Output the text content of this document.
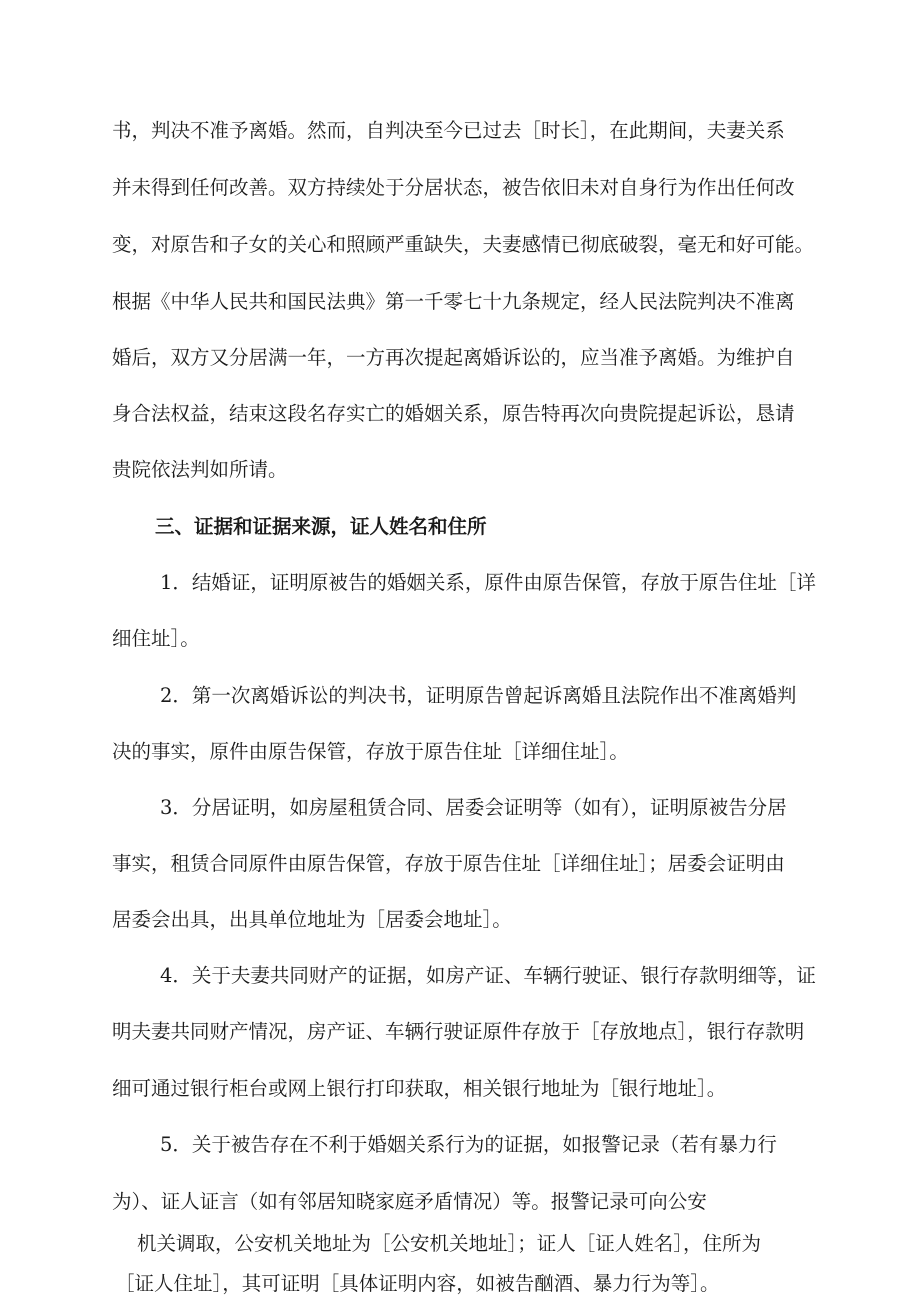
书，判决不准予离婚。然而，自判决至今已过去［时长］，在此期间，夫妻关系
并未得到任何改善。双方持续处于分居状态，被告依旧未对自身行为作出任何改
变，对原告和子女的关心和照顾严重缺失，夫妻感情已彻底破裂，毫无和好可能。
根据《中华人民共和国民法典》第一千零七十九条规定，经人民法院判决不准离
婚后，双方又分居满一年，一方再次提起离婚诉讼的，应当准予离婚。为维护自
身合法权益，结束这段名存实亡的婚姻关系，原告特再次向贵院提起诉讼，恳请
贵院依法判如所请。
三、证据和证据来源，证人姓名和住所
1．结婚证，证明原被告的婚姻关系，原件由原告保管，存放于原告住址［详
细住址］。
2．第一次离婚诉讼的判决书，证明原告曾起诉离婚且法院作出不准离婚判
决的事实，原件由原告保管，存放于原告住址［详细住址］。
3．分居证明，如房屋租赁合同、居委会证明等（如有），证明原被告分居
事实，租赁合同原件由原告保管，存放于原告住址［详细住址］；居委会证明由
居委会出具，出具单位地址为［居委会地址］。
4．关于夫妻共同财产的证据，如房产证、车辆行驶证、银行存款明细等，证
明夫妻共同财产情况，房产证、车辆行驶证原件存放于［存放地点］，银行存款明
细可通过银行柜台或网上银行打印获取，相关银行地址为［银行地址］。
5．关于被告存在不利于婚姻关系行为的证据，如报警记录（若有暴力行
为）、证人证言（如有邻居知晓家庭矛盾情况）等。报警记录可向公安
机关调取，公安机关地址为［公安机关地址］；证人［证人姓名］，住所为
［证人住址］，其可证明［具体证明内容，如被告酗酒、暴力行为等］。
